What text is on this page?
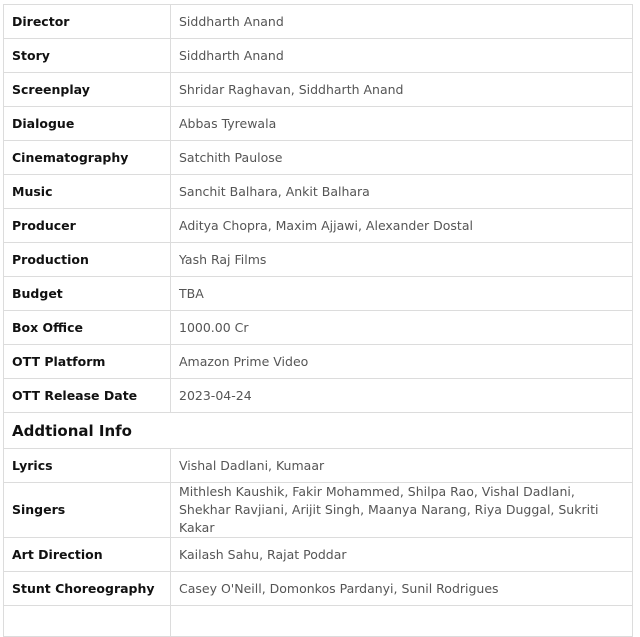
Director	Siddharth Anand
Story	Siddharth Anand
Screenplay	Shridar Raghavan, Siddharth Anand
Dialogue	Abbas Tyrewala
Cinematography	Satchith Paulose
Music	Sanchit Balhara, Ankit Balhara
Producer	Aditya Chopra, Maxim Ajjawi, Alexander Dostal
Production	Yash Raj Films
Budget	TBA
Box Office	1000.00 Cr
OTT Platform	Amazon Prime Video
OTT Release Date	2023-04-24
Addtional Info	
Lyrics	Vishal Dadlani, Kumaar
Singers	Mithlesh Kaushik, Fakir Mohammed, Shilpa Rao, Vishal Dadlani, Shekhar Ravjiani, Arijit Singh, Maanya Narang, Riya Duggal, Sukriti Kakar
Art Direction	Kailash Sahu, Rajat Poddar
Stunt Choreography	Casey O'Neill, Domonkos Pardanyi, Sunil Rodrigues
